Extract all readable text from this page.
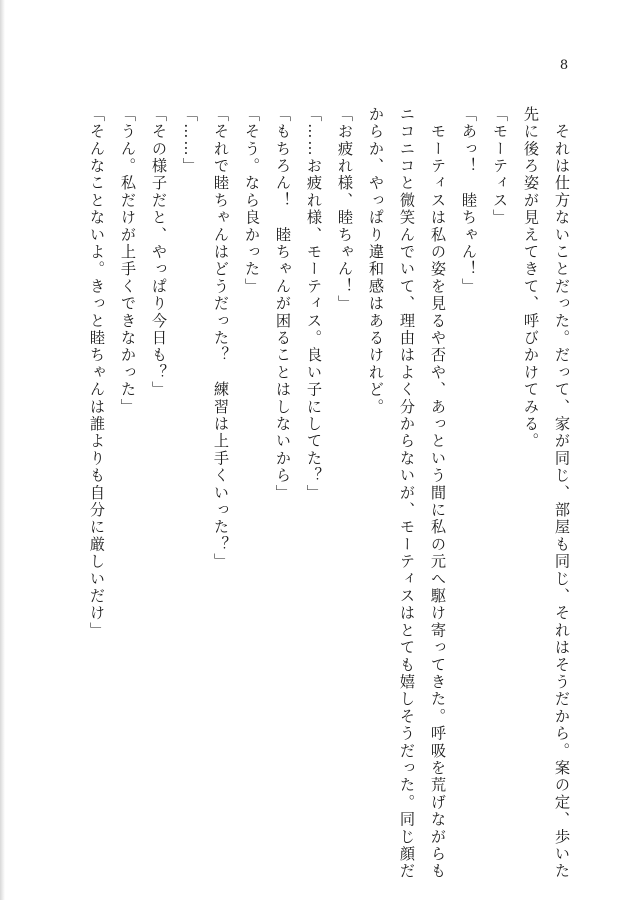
8
　それは仕方ないことだった。だって、家が同じ、部屋も同じ、それはそうだから。案の定、歩いた
先に後ろ姿が見えてきて、呼びかけてみる。
「モーティス」
「あっ！　睦ちゃん！」
　モーティスは私の姿を見るや否や、あっという間に私の元へ駆け寄ってきた。呼吸を荒げながらも
ニコニコと微笑んでいて、理由はよく分からないが、モーティスはとても嬉しそうだった。同じ顔だ
からか、やっぱり違和感はあるけれど。
「お疲れ様、睦ちゃん！」
「……お疲れ様、モーティス。良い子にしてた？」
「もちろん！　睦ちゃんが困ることはしないから」
「そう。なら良かった」
「それで睦ちゃんはどうだった？　練習は上手くいった？」
「……」
「その様子だと、やっぱり今日も？」
「うん。私だけが上手くできなかった」
「そんなことないよ。きっと睦ちゃんは誰よりも自分に厳しいだけ」
